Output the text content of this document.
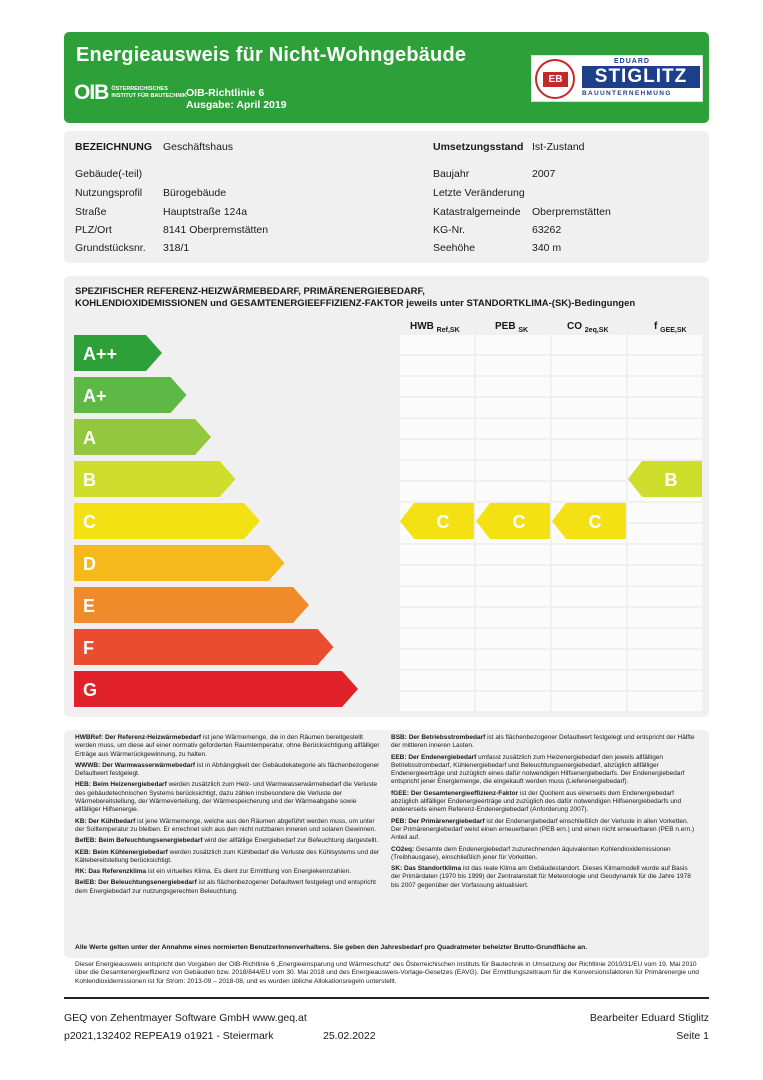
Energieausweis für Nicht-Wohngebäude
OIB ÖSTERREICHISCHES
INSTITUT FÜR BAUTECHNIK OIB-Richtlinie 6
Ausgabe: April 2019
EB
EDUARD
STIGLITZ
BAUUNTERNEHMUNG
BEZEICHNUNG Geschäftshaus
Gebäude(-teil)
Nutzungsprofil Bürogebäude
Straße	Hauptstraße 124a
PLZ/Ort	8141 Oberpremstätten
Grundstücksnr. 318/1
Umsetzungsstand Ist-Zustand
Baujahr	2007
Letzte Veränderung
Katastralgemeinde Oberpremstätten
KG-Nr.	63262
Seehöhe	340 m
SPEZIFISCHER REFERENZ-HEIZWÄRMEBEDARF, PRIMÄRENERGIEBEDARF,
KOHLENDIOXIDEMISSIONEN und GESAMTENERGIEEFFIZIENZ-FAKTOR jeweils unter STANDORTKLIMA-(SK)-Bedingungen
HWB $_{Ref,SK}$	PEB $_{SK}$	CO $_{2eq,SK}$	f $_{GEE,SK}$
A++
A+
A
B
C
D
E
F
G
C	C	C
B

HWBRef: Der Referenz-Heizwärmebedarf ist jene Wärmemenge, die in den Räumen bereitgestellt werden muss, um diese auf einer normativ geforderten Raumtemperatur, ohne Berücksichtigung allfälliger Erträge aus Wärmerückgewinnung, zu halten.

WWWB: Der Warmwasserwärmebedarf ist in Abhängigkeit der Gebäudekategorie als flächenbezogener Defaultwert festgelegt.

HEB: Beim Heizenergiebedarf werden zusätzlich zum Heiz- und Warmwasserwärmebedarf die Verluste des gebäudetechnischen Systems berücksichtigt, dazu zählen insbesondere die Verluste der Wärmebereitstellung, der Wärmeverteilung, der Wärmespeicherung und der Wärmeabgabe sowie allfälliger Hilfsenergie.

KB: Der Kühlbedarf ist jene Wärmemenge, welche aus den Räumen abgeführt werden muss, um unter der Solltemperatur zu bleiben. Er errechnet sich aus den nicht nutzbaren inneren und solaren Gewinnen.

BefEB: Beim Befeuchtungsenergiebedarf wird der allfällige Energiebedarf zur Befeuchtung dargestellt.

KEB: Beim Kühlenergiebedarf werden zusätzlich zum Kühlbedarf die Verluste des Kühlsystems und der Kältebereitstellung berücksichtigt.

RK: Das Referenzklima ist ein virtuelles Klima. Es dient zur Ermittlung von Energiekennzahlen.

BelEB: Der Beleuchtungsenergiebedarf ist als flächenbezogener Defaultwert festgelegt und entspricht dem Energiebedarf zur nutzungsgerechten Beleuchtung.

BSB: Der Betriebsstrombedarf ist als flächenbezogener Defaultwert festgelegt und entspricht der Hälfte der mittleren inneren Lasten.

EEB: Der Endenergiebedarf umfasst zusätzlich zum Heizenergiebedarf den jeweils allfälligen Betriebsstrombedarf, Kühlenergiebedarf und Beleuchtungsenergiebedarf, abzüglich allfälliger Endenergieerträge und zuzüglich eines dafür notwendigen Hilfsenergiebedarfs. Der Endenergiebedarf entspricht jener Energiemenge, die eingekauft werden muss (Lieferenergiebedarf).

fGEE: Der Gesamtenergieeffizienz-Faktor ist der Quotient aus einerseits dem Endenergiebedarf abzüglich allfälliger Endenergieerträge und zuzüglich des dafür notwendigen Hilfsenergiebedarfs und andererseits einem Referenz-Endenergiebedarf (Anforderung 2007).

PEB: Der Primärenergiebedarf ist der Endenergiebedarf einschließlich der Verluste in allen Vorketten. Der Primärenergiebedarf weist einen erneuerbaren (PEB ern.) und einen nicht erneuerbaren (PEB n.ern.) Anteil auf.

CO2eq: Gesamte dem Endenergiebedarf zuzurechnenden äquivalenten Kohlendioxidemissionen (Treibhausgase), einschließlich jener für Vorketten.

SK: Das Standortklima ist das reale Klima am Gebäudestandort. Dieses Klimamodell wurde auf Basis der Primärdaten (1970 bis 1999) der Zentralanstalt für Meteorologie und Geodynamik für die Jahre 1978 bis 2007 gegenüber der Vorfassung aktualisiert.

Alle Werte gelten unter der Annahme eines normierten BenutzerInnenverhaltens. Sie geben den Jahresbedarf pro Quadratmeter beheizter Brutto-Grundfläche an.
Dieser Energieausweis entspricht den Vorgaben der OIB-Richtlinie 6 „Energieeinsparung und Wärmeschutz“ des Österreichischen Instituts für Bautechnik in Umsetzung der Richtlinie 2010/31/EU vom 19. Mai 2010 über die Gesamtenergieeffizienz von Gebäuden bzw. 2018/844/EU vom 30. Mai 2018 und des Energieausweis-Vorlage-Gesetzes (EAVG). Der Ermittlungszeitraum für die Konversionsfaktoren für Primärenergie und Kohlendioxidemissionen ist für Strom: 2013-09 – 2018-08, und es wurden übliche Allokationsregeln unterstellt.
GEQ von Zehentmayer Software GmbH www.geq.at
p2021,132402 REPEA19 o1921 - Steiermark	25.02.2022
Bearbeiter Eduard Stiglitz
Seite 1
